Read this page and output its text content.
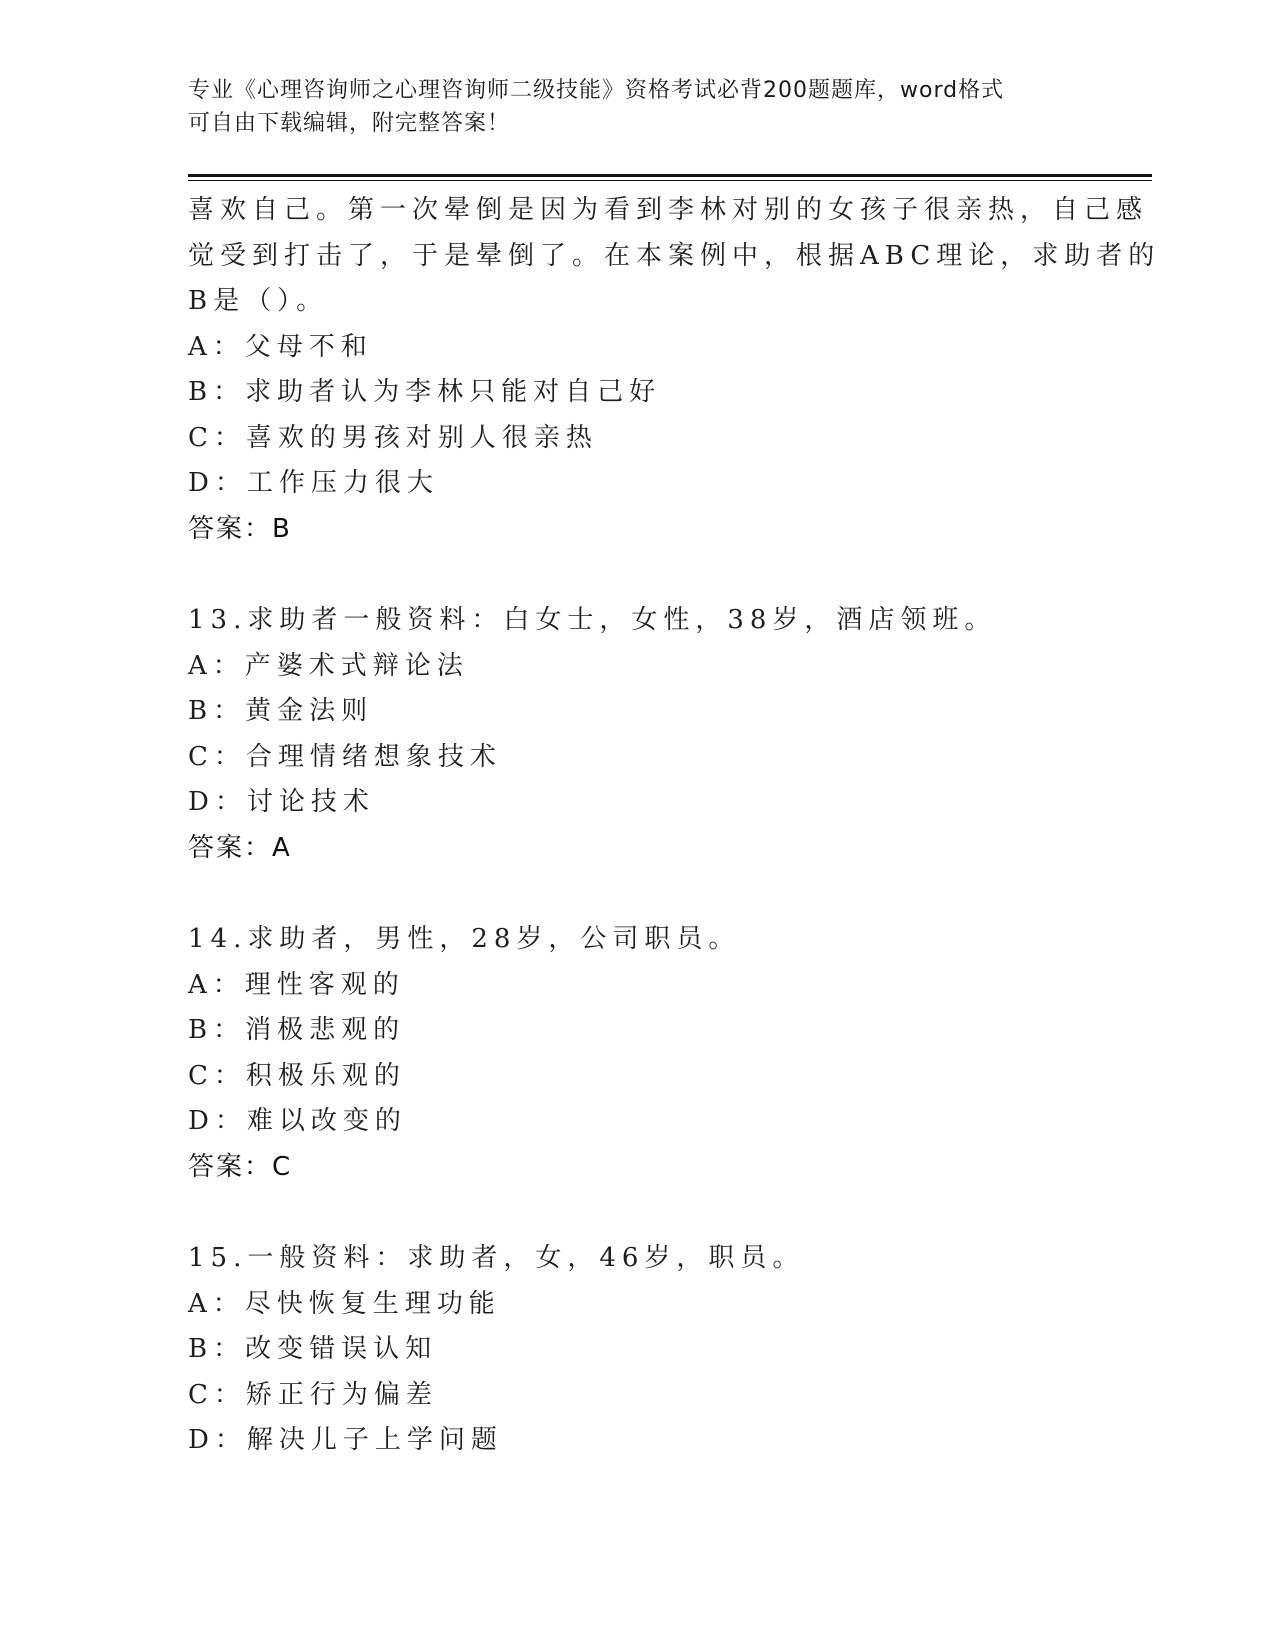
专业《心理咨询师之心理咨询师二级技能》资格考试必背200题题库，word格式
可自由下载编辑，附完整答案！
喜欢自己。第一次晕倒是因为看到李林对别的女孩子很亲热，自己感
觉受到打击了，于是晕倒了。在本案例中，根据ABC理论，求助者的
B是（）。
A：父母不和
B：求助者认为李林只能对自己好
C：喜欢的男孩对别人很亲热
D：工作压力很大
答案：B
13.求助者一般资料：白女士，女性，38岁，酒店领班。
A：产婆术式辩论法
B：黄金法则
C：合理情绪想象技术
D：讨论技术
答案：A
14.求助者，男性，28岁，公司职员。
A：理性客观的
B：消极悲观的
C：积极乐观的
D：难以改变的
答案：C
15.一般资料：求助者，女，46岁，职员。
A：尽快恢复生理功能
B：改变错误认知
C：矫正行为偏差
D：解决儿子上学问题
